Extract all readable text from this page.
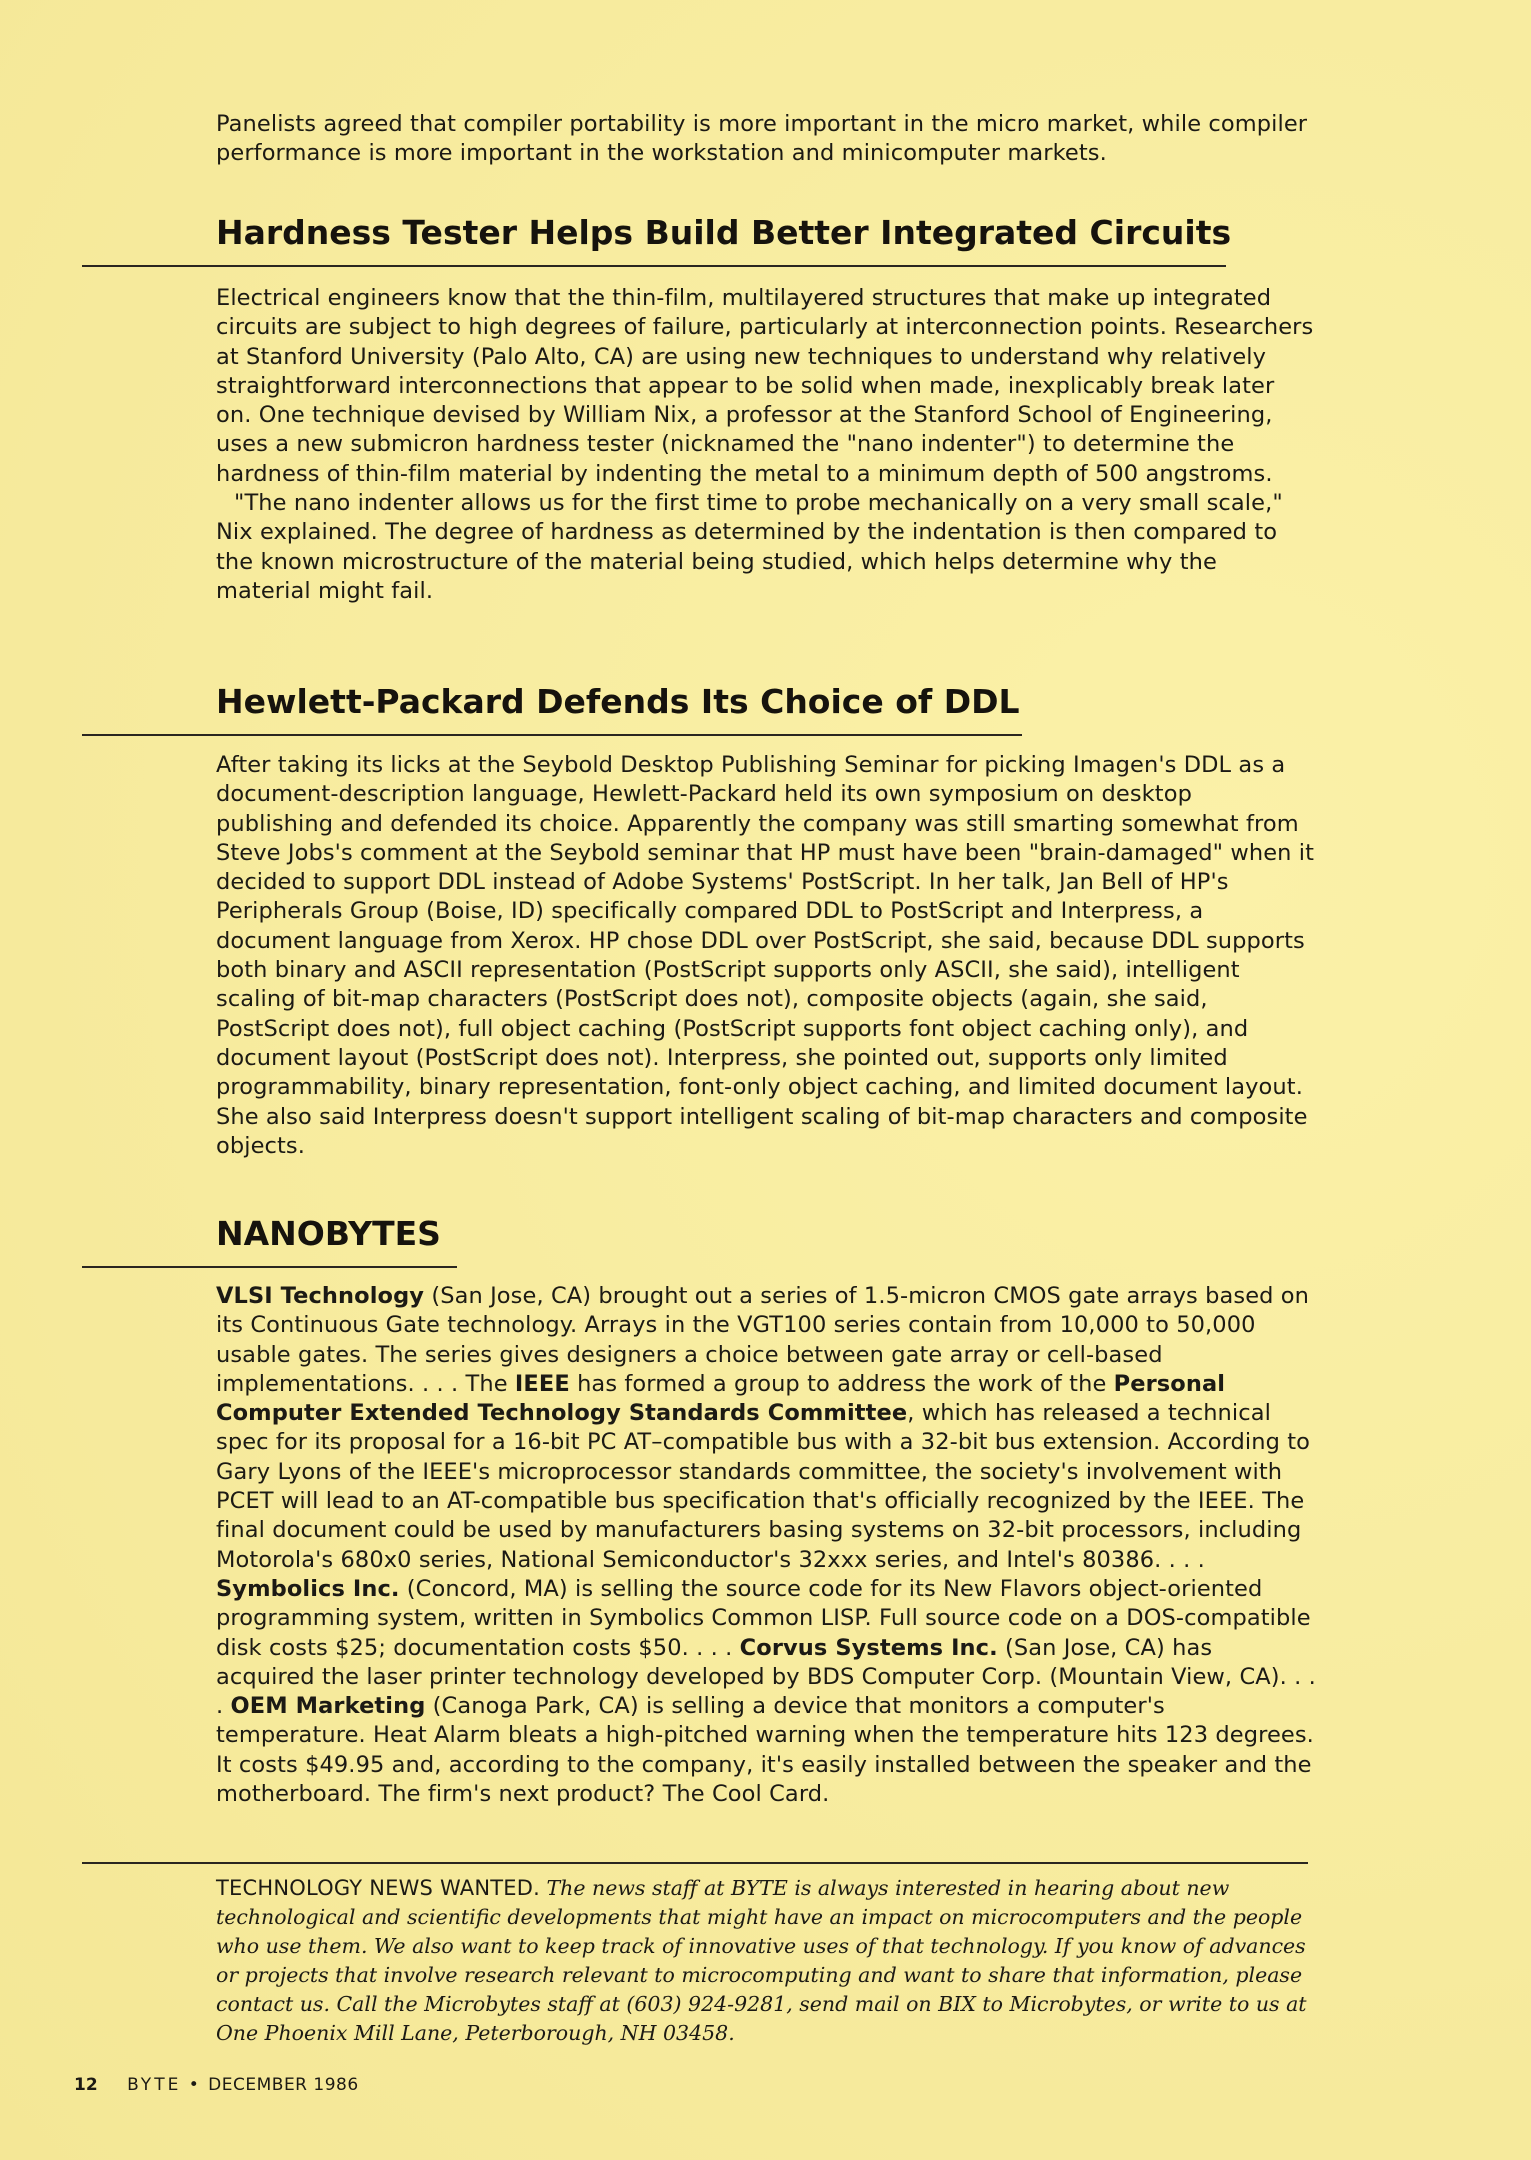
Panelists agreed that compiler portability is more important in the micro market, while compiler performance is more important in the workstation and minicomputer markets.

Hardness Tester Helps Build Better Integrated Circuits

Electrical engineers know that the thin-film, multilayered structures that make up integrated circuits are subject to high degrees of failure, particularly at interconnection points. Researchers at Stanford University (Palo Alto, CA) are using new techniques to understand why relatively straightforward interconnections that appear to be solid when made, inexplicably break later on. One technique devised by William Nix, a professor at the Stanford School of Engineering, uses a new submicron hardness tester (nicknamed the "nano indenter") to determine the hardness of thin-film material by indenting the metal to a minimum depth of 500 angstroms.

"The nano indenter allows us for the first time to probe mechanically on a very small scale," Nix explained. The degree of hardness as determined by the indentation is then compared to the known microstructure of the material being studied, which helps determine why the material might fail.

Hewlett-Packard Defends Its Choice of DDL

After taking its licks at the Seybold Desktop Publishing Seminar for picking Imagen's DDL as a document-description language, Hewlett-Packard held its own symposium on desktop publishing and defended its choice. Apparently the company was still smarting somewhat from Steve Jobs's comment at the Seybold seminar that HP must have been "brain-damaged" when it decided to support DDL instead of Adobe Systems' PostScript. In her talk, Jan Bell of HP's Peripherals Group (Boise, ID) specifically compared DDL to PostScript and Interpress, a document language from Xerox. HP chose DDL over PostScript, she said, because DDL supports both binary and ASCII representation (PostScript supports only ASCII, she said), intelligent scaling of bit-map characters (PostScript does not), composite objects (again, she said, PostScript does not), full object caching (PostScript supports font object caching only), and document layout (PostScript does not). Interpress, she pointed out, supports only limited programmability, binary representation, font-only object caching, and limited document layout. She also said Interpress doesn't support intelligent scaling of bit-map characters and composite objects.

NANOBYTES

VLSI Technology (San Jose, CA) brought out a series of 1.5-micron CMOS gate arrays based on its Continuous Gate technology. Arrays in the VGT100 series contain from 10,000 to 50,000 usable gates. The series gives designers a choice between gate array or cell-based implementations. . . . The IEEE has formed a group to address the work of the Personal Computer Extended Technology Standards Committee, which has released a technical spec for its proposal for a 16-bit PC AT–compatible bus with a 32-bit bus extension. According to Gary Lyons of the IEEE's microprocessor standards committee, the society's involvement with PCET will lead to an AT-compatible bus specification that's officially recognized by the IEEE. The final document could be used by manufacturers basing systems on 32-bit processors, including Motorola's 680x0 series, National Semiconductor's 32xxx series, and Intel's 80386. . . . Symbolics Inc. (Concord, MA) is selling the source code for its New Flavors object-oriented programming system, written in Symbolics Common LISP. Full source code on a DOS-compatible disk costs $25; documentation costs $50. . . . Corvus Systems Inc. (San Jose, CA) has acquired the laser printer technology developed by BDS Computer Corp. (Mountain View, CA). . . . OEM Marketing (Canoga Park, CA) is selling a device that monitors a computer's temperature. Heat Alarm bleats a high-pitched warning when the temperature hits 123 degrees. It costs $49.95 and, according to the company, it's easily installed between the speaker and the motherboard. The firm's next product? The Cool Card.

TECHNOLOGY NEWS WANTED. The news staff at BYTE is always interested in hearing about new technological and scientific developments that might have an impact on microcomputers and the people who use them. We also want to keep track of innovative uses of that technology. If you know of advances or projects that involve research relevant to microcomputing and want to share that information, please contact us. Call the Microbytes staff at (603) 924-9281, send mail on BIX to Microbytes, or write to us at One Phoenix Mill Lane, Peterborough, NH 03458.
12 BYTE • DECEMBER 1986
